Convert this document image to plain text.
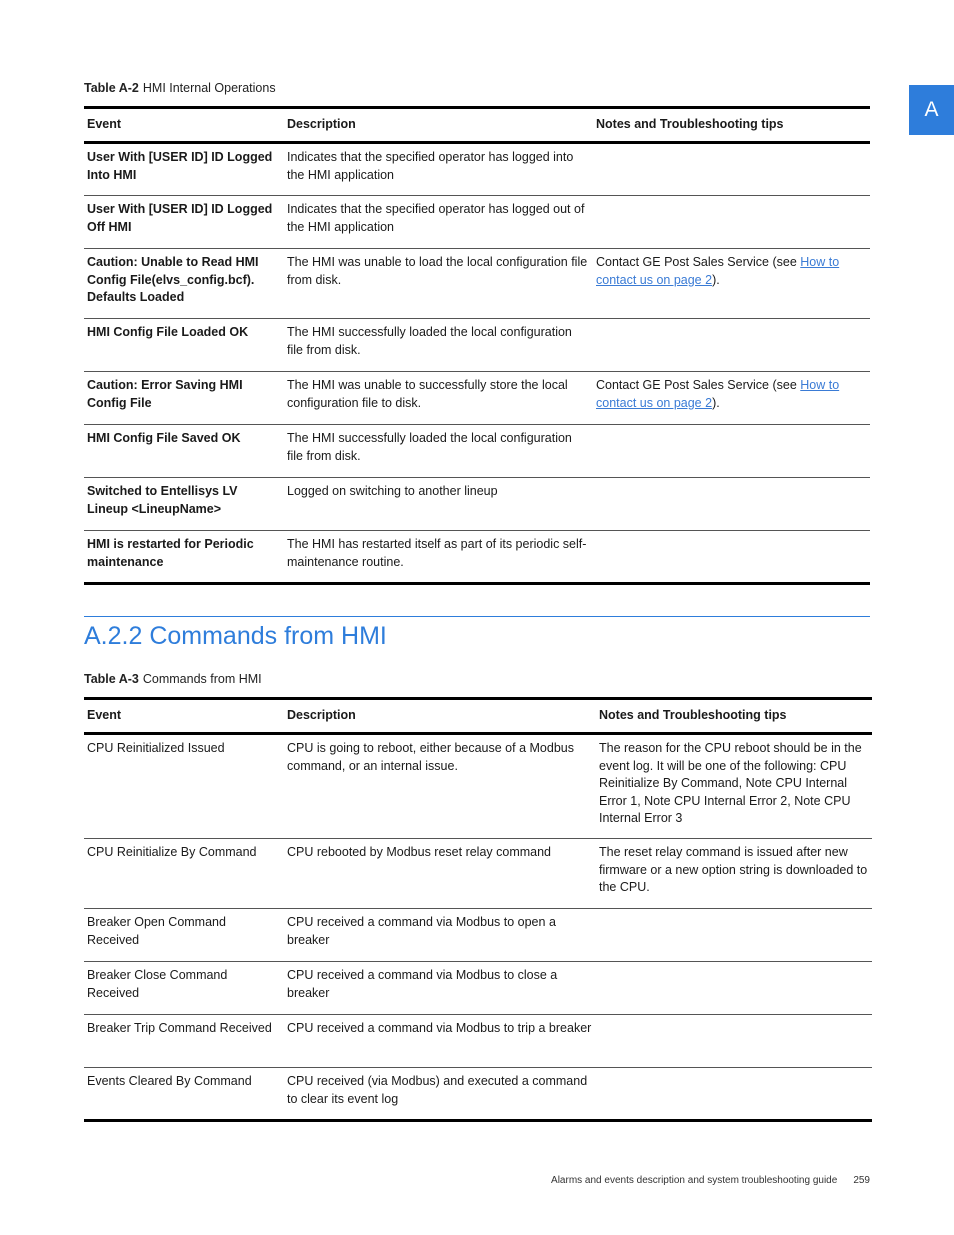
A
Table A-2 HMI Internal Operations
Event	Description	Notes and Troubleshooting tips
User With [USER ID] ID Logged Into HMI	Indicates that the specified operator has logged into the HMI application	
User With [USER ID] ID Logged Off HMI	Indicates that the specified operator has logged out of the HMI application	
Caution: Unable to Read HMI Config File(elvs_config.bcf). Defaults Loaded	The HMI was unable to load the local configuration file from disk.	Contact GE Post Sales Service (see How to contact us on page 2).
HMI Config File Loaded OK	The HMI successfully loaded the local configuration file from disk.	
Caution: Error Saving HMI Config File	The HMI was unable to successfully store the local configuration file to disk.	Contact GE Post Sales Service (see How to contact us on page 2).
HMI Config File Saved OK	The HMI successfully loaded the local configuration file from disk.	
Switched to Entellisys LV Lineup <LineupName>	Logged on switching to another lineup	
HMI is restarted for Periodic maintenance	The HMI has restarted itself as part of its periodic self-maintenance routine.	
A.2.2 Commands from HMI
Table A-3 Commands from HMI
Event	Description	Notes and Troubleshooting tips
CPU Reinitialized Issued	CPU is going to reboot, either because of a Modbus command, or an internal issue.	The reason for the CPU reboot should be in the event log. It will be one of the following: CPU Reinitialize By Command, Note CPU Internal Error 1, Note CPU Internal Error 2, Note CPU Internal Error 3
CPU Reinitialize By Command	CPU rebooted by Modbus reset relay command	The reset relay command is issued after new firmware or a new option string is downloaded to the CPU.
Breaker Open Command Received	CPU received a command via Modbus to open a breaker	
Breaker Close Command Received	CPU received a command via Modbus to close a breaker	
Breaker Trip Command Received	CPU received a command via Modbus to trip a breaker	
Events Cleared By Command	CPU received (via Modbus) and executed a command to clear its event log	
Alarms and events description and system troubleshooting guide 259
